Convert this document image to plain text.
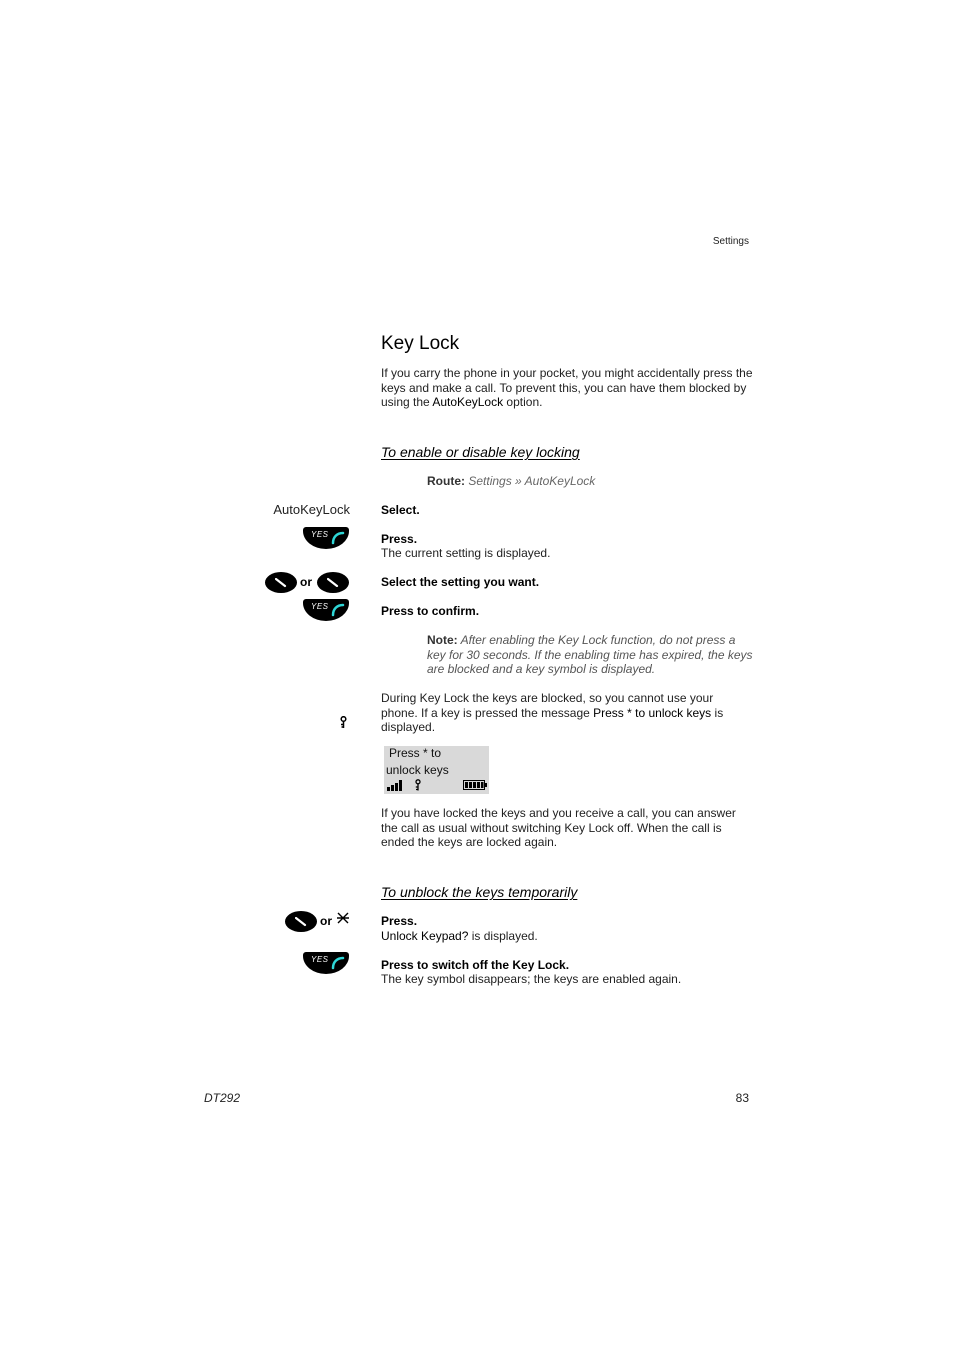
Settings
Key Lock
If you carry the phone in your pocket, you might accidentally press the keys and make a call. To prevent this, you can have them blocked by using the AutoKeyLock option.
To enable or disable key locking
Route: Settings » AutoKeyLock
AutoKeyLock	Select.
YES	Press.
The current setting is displayed.
or	Select the setting you want.
YES	Press to confirm.
Note: After enabling the Key Lock function, do not press a key for 30 seconds. If the enabling time has expired, the keys are blocked and a key symbol is displayed.
During Key Lock the keys are blocked, so you cannot use your phone. If a key is pressed the message Press * to unlock keys is displayed.
Press * to
unlock keys
If you have locked the keys and you receive a call, you can answer the call as usual without switching Key Lock off. When the call is ended the keys are locked again.
To unblock the keys temporarily
or	Press.
Unlock Keypad? is displayed.
YES	Press to switch off the Key Lock.
The key symbol disappears; the keys are enabled again.
DT292	83
